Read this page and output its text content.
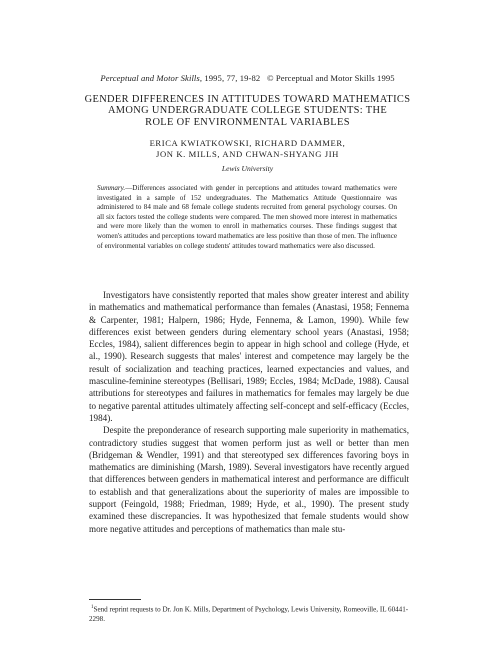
Perceptual and Motor Skills, 1995, 77, 19-82 © Perceptual and Motor Skills 1995
GENDER DIFFERENCES IN ATTITUDES TOWARD MATHEMATICS
AMONG UNDERGRADUATE COLLEGE STUDENTS: THE
ROLE OF ENVIRONMENTAL VARIABLES
ERICA KWIATKOWSKI, RICHARD DAMMER,
JON K. MILLS, AND CHWAN-SHYANG JIH
Lewis University
Summary.—Differences associated with gender in perceptions and attitudes toward mathematics were investigated in a sample of 152 undergraduates. The Mathematics Attitude Questionnaire was administered to 84 male and 68 female college students recruited from general psychology courses. On all six factors tested the college students were compared. The men showed more interest in mathematics and were more likely than the women to enroll in mathematics courses. These findings suggest that women's attitudes and perceptions toward mathematics are less positive than those of men. The influence of environmental variables on college students' attitudes toward mathematics were also discussed.

Investigators have consistently reported that males show greater interest and ability in mathematics and mathematical performance than females (Anastasi, 1958; Fennema & Carpenter, 1981; Halpern, 1986; Hyde, Fennema, & Lamon, 1990). While few differences exist between genders during elementary school years (Anastasi, 1958; Eccles, 1984), salient differences begin to appear in high school and college (Hyde, et al., 1990). Research suggests that males' interest and competence may largely be the result of socialization and teaching practices, learned expectancies and values, and masculine-feminine stereotypes (Bellisari, 1989; Eccles, 1984; McDade, 1988). Causal attributions for stereotypes and failures in mathematics for females may largely be due to negative parental attitudes ultimately affecting self-concept and self-efficacy (Eccles, 1984).

Despite the preponderance of research supporting male superiority in mathematics, contradictory studies suggest that women perform just as well or better than men (Bridgeman & Wendler, 1991) and that stereotyped sex differences favoring boys in mathematics are diminishing (Marsh, 1989). Several investigators have recently argued that differences between genders in mathematical interest and performance are difficult to establish and that generalizations about the superiority of males are impossible to support (Feingold, 1988; Friedman, 1989; Hyde, et al., 1990). The present study examined these discrepancies. It was hypothesized that female students would show more negative attitudes and perceptions of mathematics than male stu-

$^1$Send reprint requests to Dr. Jon K. Mills, Department of Psychology, Lewis University, Romeoville, IL 60441-2298.
